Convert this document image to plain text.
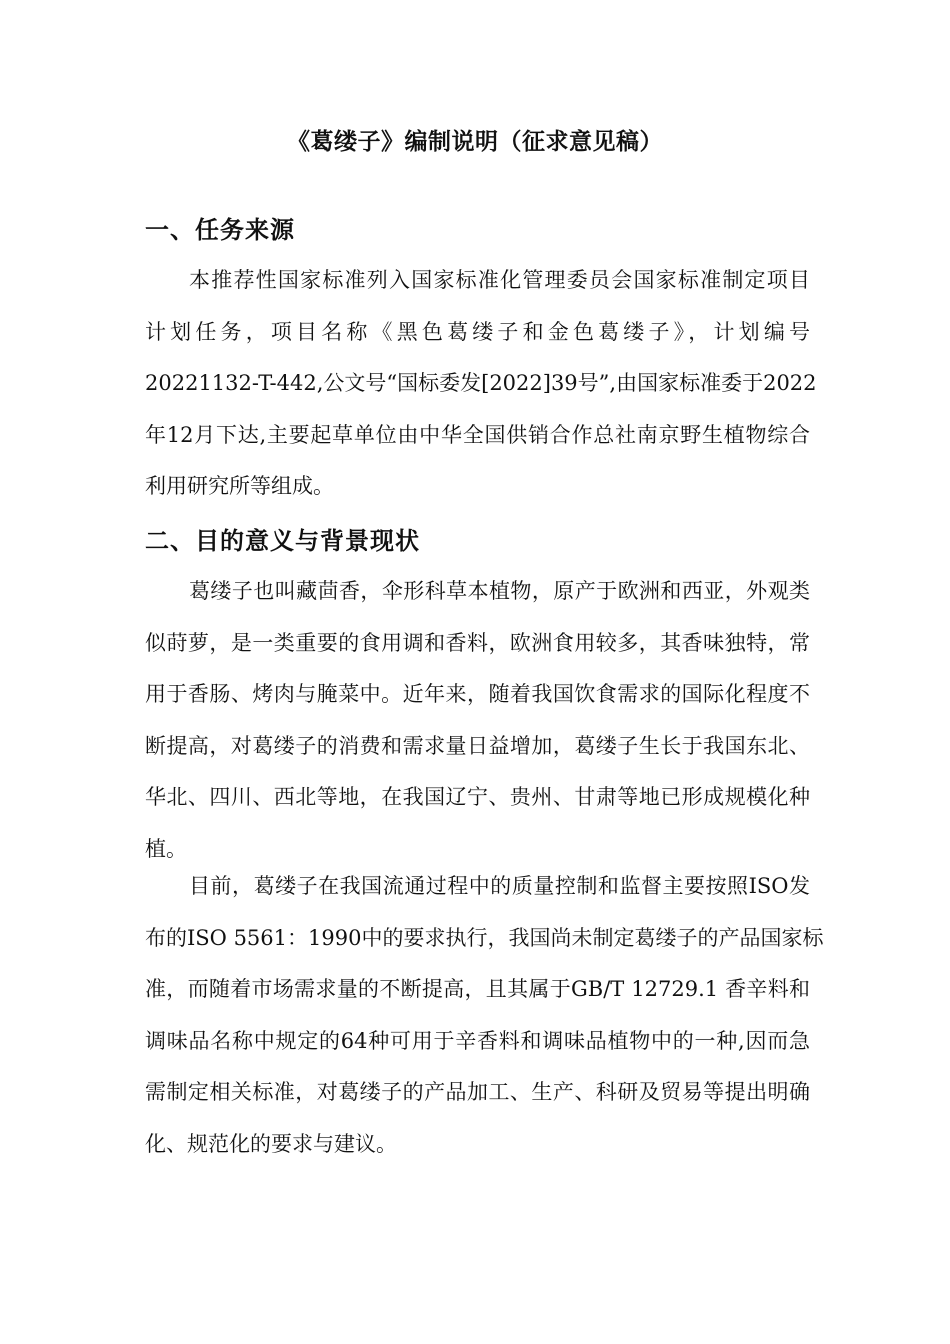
《葛缕子》编制说明（征求意见稿）
一、任务来源

本推荐性国家标准列入国家标准化管理委员会国家标准制定项目
计划任务，项目名称《黑色葛缕子和金色葛缕子》，计划编号
20221132-T-442,公文号“国标委发[2022]39号”,由国家标准委于2022
年12月下达,主要起草单位由中华全国供销合作总社南京野生植物综合
利用研究所等组成。

二、目的意义与背景现状

葛缕子也叫藏茴香，伞形科草本植物，原产于欧洲和西亚，外观类
似莳萝，是一类重要的食用调和香料，欧洲食用较多，其香味独特，常
用于香肠、烤肉与腌菜中。近年来，随着我国饮食需求的国际化程度不
断提高，对葛缕子的消费和需求量日益增加，葛缕子生长于我国东北、
华北、四川、西北等地，在我国辽宁、贵州、甘肃等地已形成规模化种
植。

目前，葛缕子在我国流通过程中的质量控制和监督主要按照ISO发
布的ISO 5561：1990中的要求执行，我国尚未制定葛缕子的产品国家标
准，而随着市场需求量的不断提高，且其属于GB/T 12729.1 香辛料和
调味品名称中规定的64种可用于辛香料和调味品植物中的一种,因而急
需制定相关标准，对葛缕子的产品加工、生产、科研及贸易等提出明确
化、规范化的要求与建议。
